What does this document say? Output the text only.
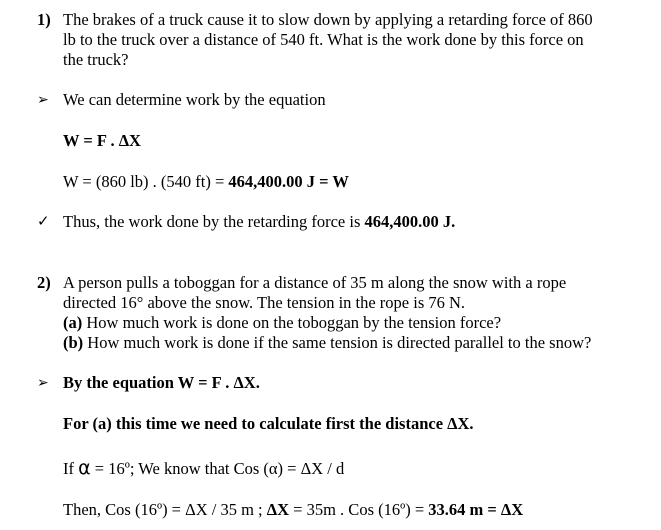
1) The brakes of a truck cause it to slow down by applying a retarding force of 860
lb to the truck over a distance of 540 ft. What is the work done by this force on
the truck?
➢ We can determine work by the equation
W = F . ΔX
W = (860 lb) . (540 ft) = 464,400.00 J = W
✓ Thus, the work done by the retarding force is 464,400.00 J.
2) A person pulls a toboggan for a distance of 35 m along the snow with a rope
directed 16° above the snow. The tension in the rope is 76 N.
(a) How much work is done on the toboggan by the tension force?
(b) How much work is done if the same tension is directed parallel to the snow?
➢ By the equation W = F . ΔX.
For (a) this time we need to calculate first the distance ΔX.
If α = 16º; We know that Cos (α) = ΔX / d
Then, Cos (16º) = ΔX / 35 m ; ΔX = 35m . Cos (16º) = 33.64 m = ΔX
